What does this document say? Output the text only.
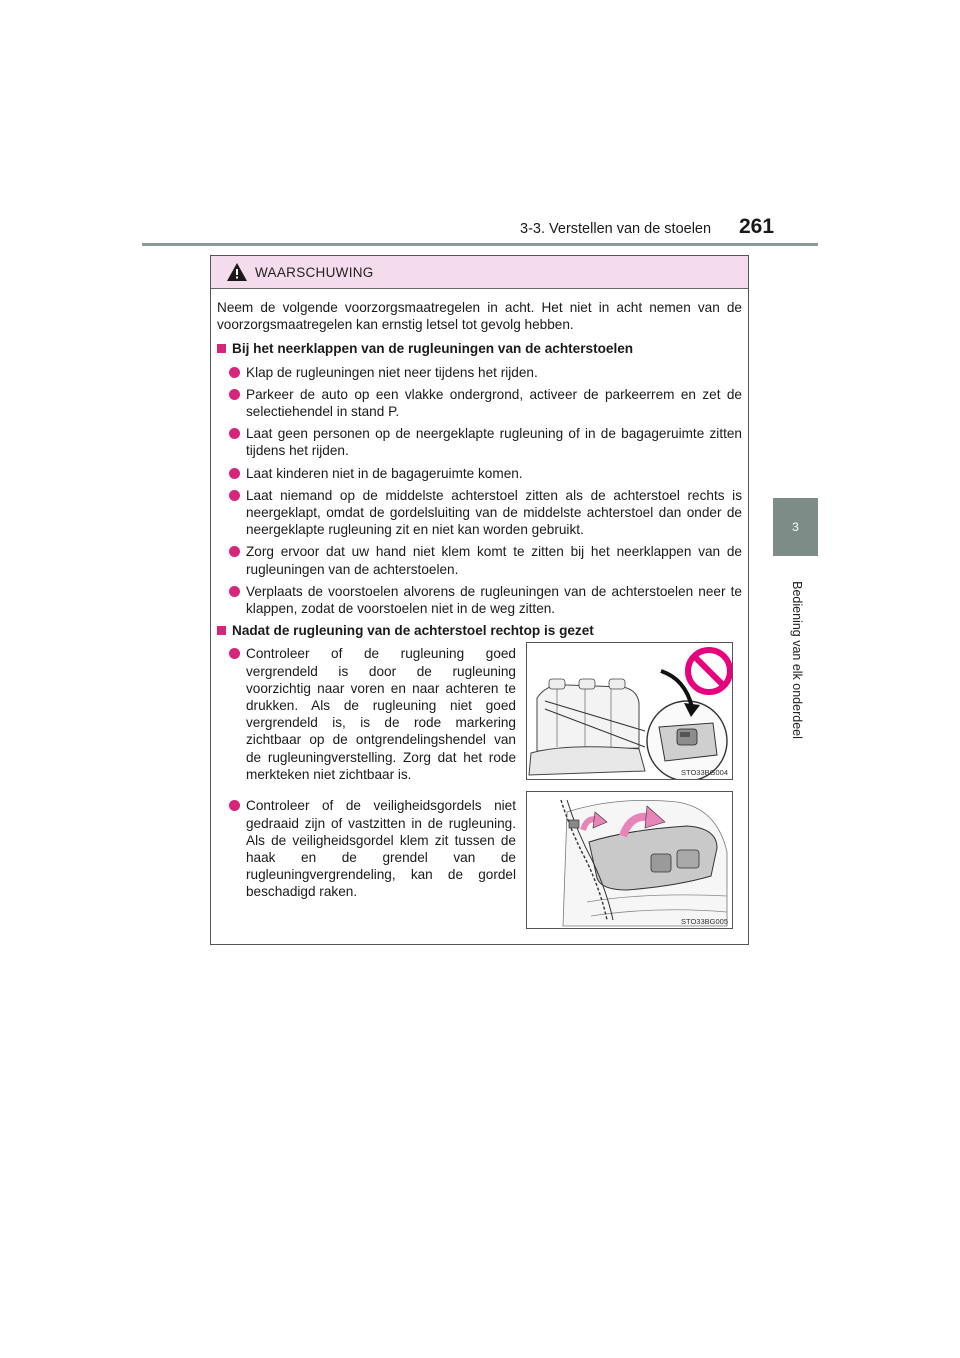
3-3. Verstellen van de stoelen 261
3
Bediening van elk onderdeel
WAARSCHUWING

Neem de volgende voorzorgsmaatregelen in acht. Het niet in acht nemen van de voorzorgsmaatregelen kan ernstig letsel tot gevolg hebben.

Bij het neerklappen van de rugleuningen van de achterstoelen
Klap de rugleuningen niet neer tijdens het rijden.
Parkeer de auto op een vlakke ondergrond, activeer de parkeerrem en zet de selectiehendel in stand P.
Laat geen personen op de neergeklapte rugleuning of in de bagageruimte zitten tijdens het rijden.
Laat kinderen niet in de bagageruimte komen.
Laat niemand op de middelste achterstoel zitten als de achterstoel rechts is neergeklapt, omdat de gordelsluiting van de middelste achterstoel dan onder de neergeklapte rugleuning zit en niet kan worden gebruikt.
Zorg ervoor dat uw hand niet klem komt te zitten bij het neerklappen van de rugleuningen van de achterstoelen.
Verplaats de voorstoelen alvorens de rugleuningen van de achterstoelen neer te klappen, zodat de voorstoelen niet in de weg zitten.
Nadat de rugleuning van de achterstoel rechtop is gezet
Controleer of de rugleuning goed vergrendeld is door de rugleuning voorzichtig naar voren en naar achteren te drukken. Als de rugleuning niet goed vergrendeld is, is de rode markering zichtbaar op de ontgrendelingshendel van de rugleuningverstelling. Zorg dat het rode merkteken niet zichtbaar is.
Controleer of de veiligheidsgordels niet gedraaid zijn of vastzitten in de rugleuning. Als de veiligheidsgordel klem zit tussen de haak en de grendel van de rugleuningvergrendeling, kan de gordel beschadigd raken.
STO33BG004
STO33BG005
